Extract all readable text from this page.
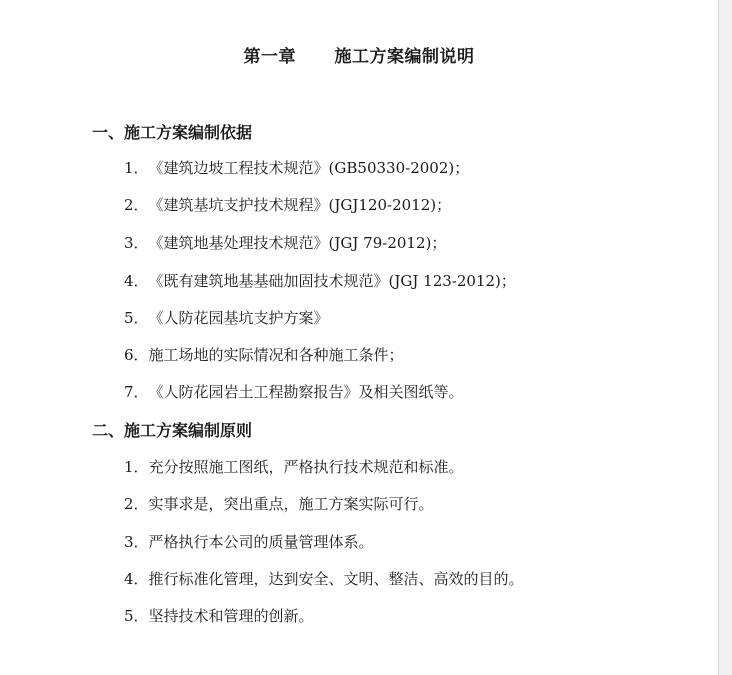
第一章      施工方案编制说明
一、施工方案编制依据
1．《建筑边坡工程技术规范》(GB50330-2002)；
2．《建筑基坑支护技术规程》(JGJ120-2012)；
3．《建筑地基处理技术规范》(JGJ 79-2012)；
4．《既有建筑地基基础加固技术规范》(JGJ 123-2012)；
5．《人防花园基坑支护方案》
6．施工场地的实际情况和各种施工条件；
7．《人防花园岩土工程勘察报告》及相关图纸等。
二、施工方案编制原则
1．充分按照施工图纸，严格执行技术规范和标准。
2．实事求是，突出重点，施工方案实际可行。
3．严格执行本公司的质量管理体系。
4．推行标准化管理，达到安全、文明、整洁、高效的目的。
5．坚持技术和管理的创新。
